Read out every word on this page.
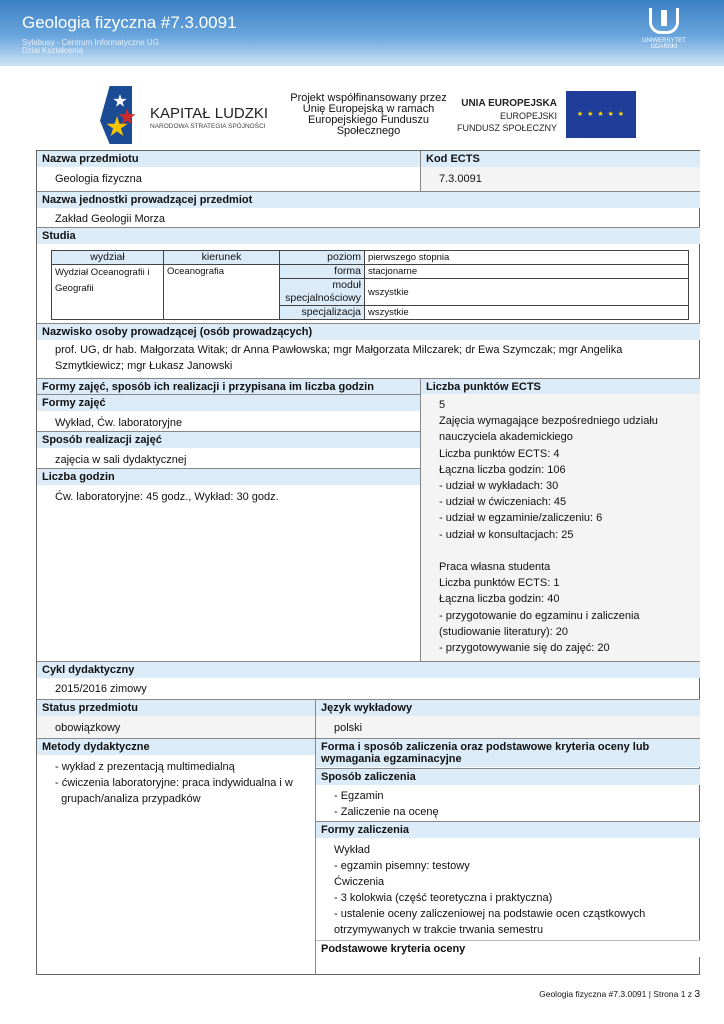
Geologia fizyczna #7.3.0091
Sylabusy - Centrum Informatyczne UG
Dział Kształcenia
UNIWERSYTET GDAŃSKI
KAPITAŁ LUDZKI
NARODOWA STRATEGIA SPÓJNOŚCI
Projekt współfinansowany przez Unię Europejską w ramach Europejskiego Funduszu Społecznego
UNIA EUROPEJSKA
EUROPEJSKI
FUNDUSZ SPOŁECZNY
★ ★ ★ ★ ★
Nazwa przedmiotu	Kod ECTS
Geologia fizyczna	7.3.0091
Nazwa jednostki prowadzącej przedmiot
Zakład Geologii Morza
Studia
wydział	kierunek	poziom	pierwszego stopnia
Wydział Oceanografii i Geografii	Oceanografia	forma	stacjonarne
		moduł specjalnościowy	wszystkie
		specjalizacja	wszystkie
Nazwisko osoby prowadzącej (osób prowadzących)
prof. UG, dr hab. Małgorzata Witak; dr Anna Pawłowska; mgr Małgorzata Milczarek; dr Ewa Szymczak; mgr Angelika Szmytkiewicz; mgr Łukasz Janowski
Formy zajęć, sposób ich realizacji i przypisana im liczba godzin	Liczba punktów ECTS
Formy zajęć
Wykład, Ćw. laboratoryjne
Sposób realizacji zajęć
zajęcia w sali dydaktycznej
Liczba godzin
Ćw. laboratoryjne: 45 godz., Wykład: 30 godz.
5
Zajęcia wymagające bezpośredniego udziału
nauczyciela akademickiego
Liczba punktów ECTS: 4
Łączna liczba godzin: 106
- udział w wykładach: 30
- udział w ćwiczeniach: 45
- udział w egzaminie/zaliczeniu: 6
- udział w konsultacjach: 25

Praca własna studenta
Liczba punktów ECTS: 1
Łączna liczba godzin: 40
- przygotowanie do egzaminu i zaliczenia
(studiowanie literatury): 20
- przygotowywanie się do zajęć: 20
Cykl dydaktyczny
2015/2016 zimowy
Status przedmiotu	Język wykładowy
obowiązkowy	polski
Metody dydaktyczne
- wykład z prezentacją multimedialną
- ćwiczenia laboratoryjne: praca indywidualna i w
grupach/analiza przypadków
Forma i sposób zaliczenia oraz podstawowe kryteria oceny lub wymagania egzaminacyjne
Sposób zaliczenia
- Egzamin
- Zaliczenie na ocenę
Formy zaliczenia
Wykład
- egzamin pisemny: testowy
Ćwiczenia
- 3 kolokwia (część teoretyczna i praktyczna)
- ustalenie oceny zaliczeniowej na podstawie ocen cząstkowych
otrzymywanych w trakcie trwania semestru
Podstawowe kryteria oceny
Geologia fizyczna #7.3.0091 | Strona 1 z 3
